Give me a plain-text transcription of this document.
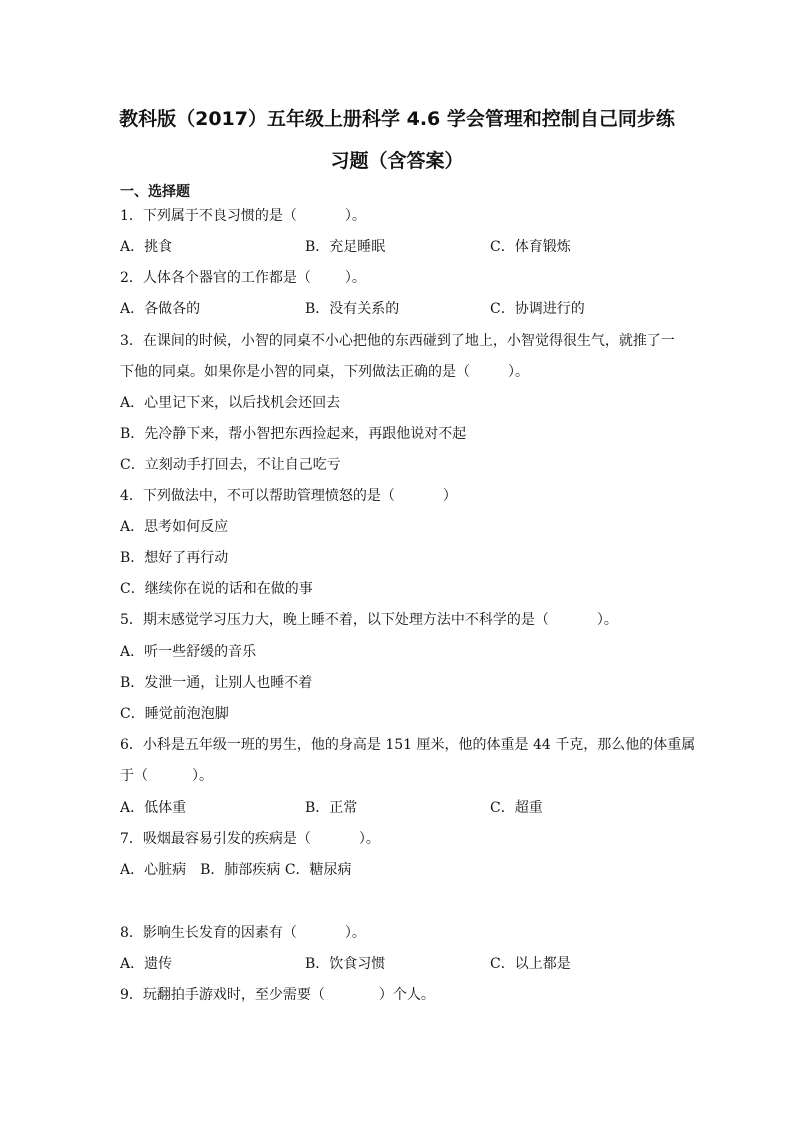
教科版（2017）五年级上册科学 4.6 学会管理和控制自己同步练
习题（含答案）
一、选择题
1．下列属于不良习惯的是（	）。
A．挑食	B．充足睡眠	C．体育锻炼
2．人体各个器官的工作都是（ ）。
A．各做各的	B．没有关系的	C．协调进行的
3．在课间的时候，小智的同桌不小心把他的东西碰到了地上，小智觉得很生气，就推了一
下他的同桌。如果你是小智的同桌，下列做法正确的是（	）。
A．心里记下来，以后找机会还回去
B．先冷静下来，帮小智把东西捡起来，再跟他说对不起
C．立刻动手打回去，不让自己吃亏
4．下列做法中，不可以帮助管理愤怒的是（	）
A．思考如何反应
B．想好了再行动
C．继续你在说的话和在做的事
5．期末感觉学习压力大，晚上睡不着，以下处理方法中不科学的是（	）。
A．听一些舒缓的音乐
B．发泄一通，让别人也睡不着
C．睡觉前泡泡脚
6．小科是五年级一班的男生，他的身高是 151 厘米，他的体重是 44 千克，那么他的体重属
于（	）。
A．低体重	B．正常	C．超重
7．吸烟最容易引发的疾病是（	）。
A．心脏病　B．肺部疾病 C．糖尿病
8．影响生长发育的因素有（	）。
A．遗传	B．饮食习惯	C．以上都是
9．玩翻拍手游戏时，至少需要（	）个人。
